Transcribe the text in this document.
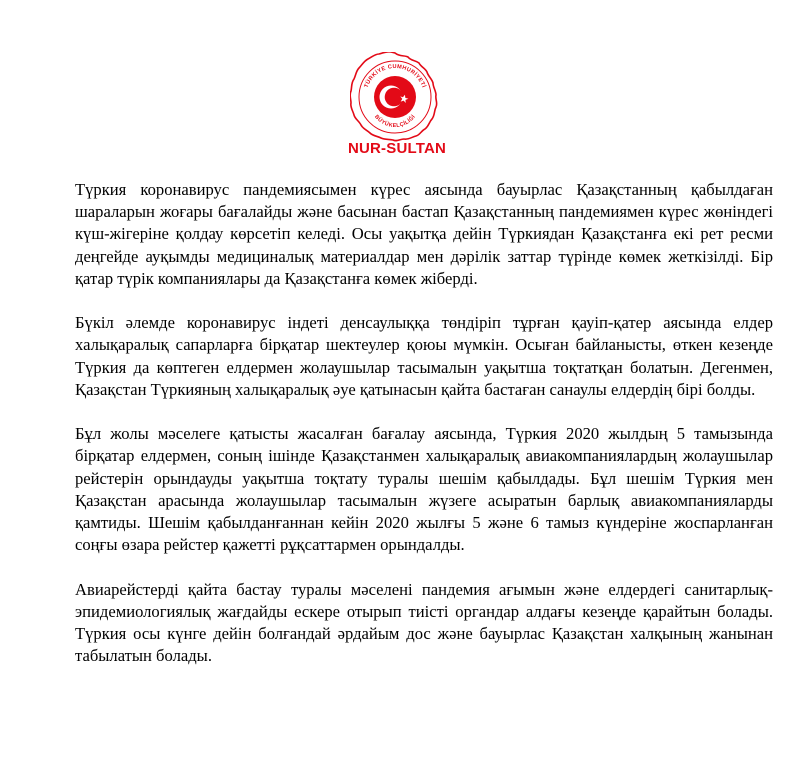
TÜRKİYE CUMHURİYETİ
BÜYÜKELÇİLİĞİ
NUR-SULTAN

Түркия коронавирус пандемиясымен күрес аясында бауырлас Қазақстанның қабылдаған шараларын жоғары бағалайды және басынан бастап Қазақстанның пандемиямен күрес жөніндегі күш-жігеріне қолдау көрсетіп келеді. Осы уақытқа дейін Түркиядан Қазақстанға екі рет ресми деңгейде ауқымды медициналық материалдар мен дәрілік заттар түрінде көмек жеткізілді. Бір қатар түрік компаниялары да Қазақстанға көмек жіберді.

Бүкіл әлемде коронавирус індеті денсаулыққа төндіріп тұрған қауіп-қатер аясында елдер халықаралық сапарларға бірқатар шектеулер қоюы мүмкін. Осыған байланысты, өткен кезеңде Түркия да көптеген елдермен жолаушылар тасымалын уақытша тоқтатқан болатын. Дегенмен, Қазақстан Түркияның халықаралық әуе қатынасын қайта бастаған санаулы елдердің бірі болды.

Бұл жолы мәселеге қатысты жасалған бағалау аясында, Түркия 2020 жылдың 5 тамызында бірқатар елдермен, соның ішінде Қазақстанмен халықаралық авиакомпаниялардың жолаушылар рейстерін орындауды уақытша тоқтату туралы шешім қабылдады. Бұл шешім Түркия мен Қазақстан арасында жолаушылар тасымалын жүзеге асыратын барлық авиакомпанияларды қамтиды. Шешім қабылданғаннан кейін 2020 жылғы 5 және 6 тамыз күндеріне жоспарланған соңғы өзара рейстер қажетті рұқсаттармен орындалды.

Авиарейстерді қайта бастау туралы мәселені пандемия ағымын және елдердегі санитарлық-эпидемиологиялық жағдайды ескере отырып тиісті органдар алдағы кезеңде қарайтын болады. Түркия осы күнге дейін болғандай әрдайым дос және бауырлас Қазақстан халқының жанынан табылатын болады.
